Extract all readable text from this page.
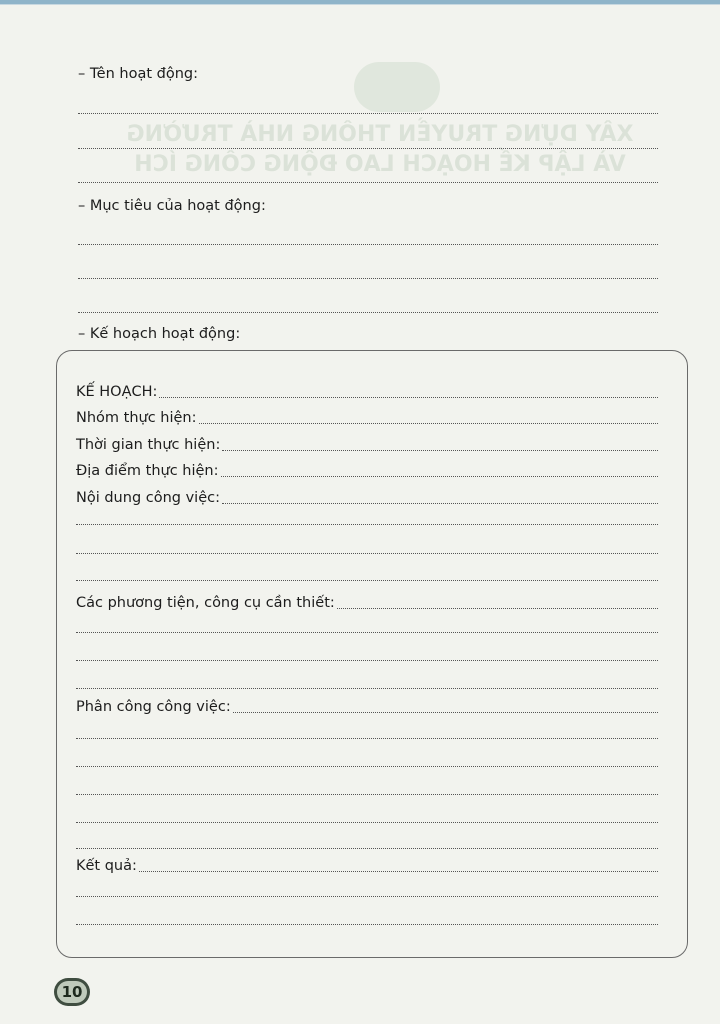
XÂY DỰNG TRUYỀN THÔNG NHÀ TRƯỜNG
VÀ LẬP KẾ HOẠCH LAO ĐỘNG CÔNG ÍCH
– Tên hoạt động:
– Mục tiêu của hoạt động:
– Kế hoạch hoạt động:
KẾ HOẠCH:
Nhóm thực hiện:
Thời gian thực hiện:
Địa điểm thực hiện:
Nội dung công việc:
Các phương tiện, công cụ cần thiết:
Phân công công việc:
Kết quả:
10
